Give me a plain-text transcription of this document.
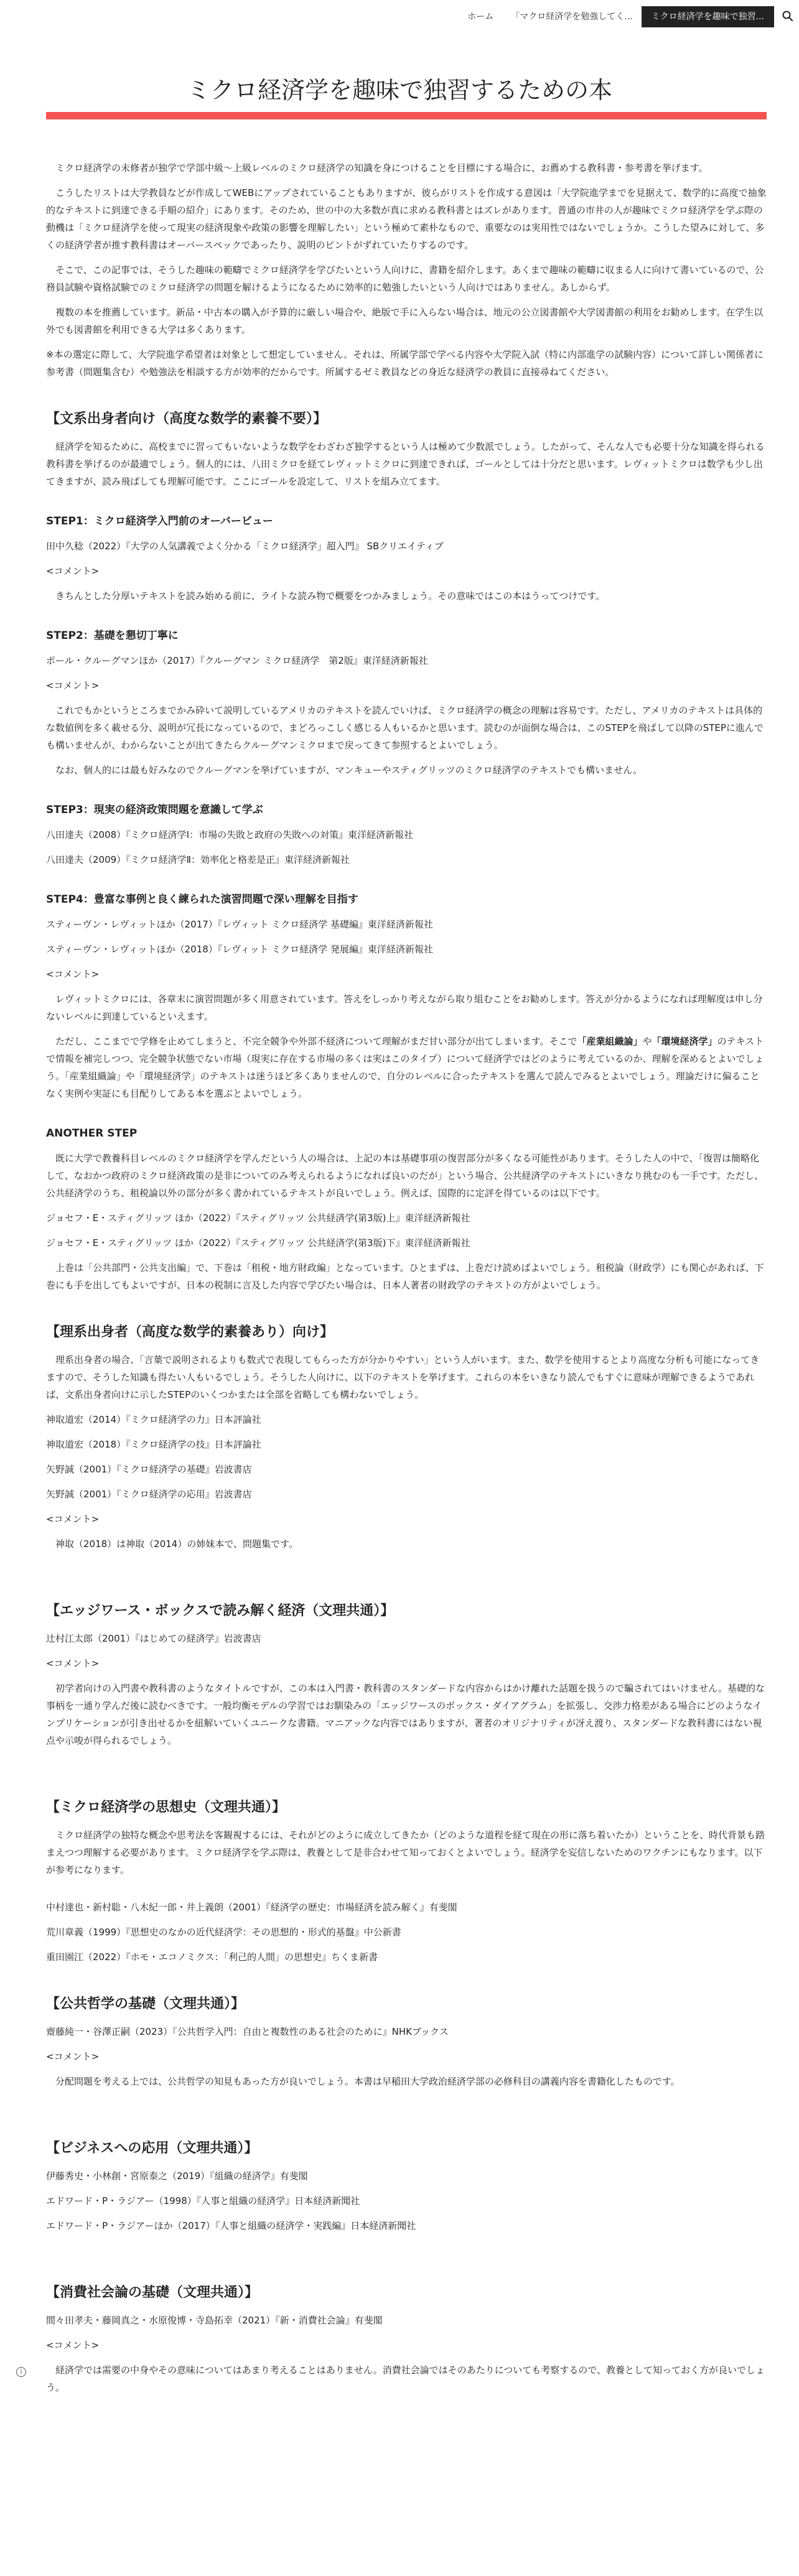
ホーム	「マクロ経済学を勉強してく...	ミクロ経済学を趣味で独習...
ミクロ経済学を趣味で独習するための本

ミクロ経済学の未修者が独学で学部中級～上級レベルのミクロ経済学の知識を身につけることを目標にする場合に、お薦めする教科書・参考書を挙げます。

こうしたリストは大学教員などが作成してWEBにアップされていることもありますが、彼らがリストを作成する意図は「大学院進学までを見据えて、数学的に高度で抽象的なテキストに到達できる手順の紹介」にあります。そのため、世の中の大多数が真に求める教科書とはズレがあります。普通の市井の人が趣味でミクロ経済学を学ぶ際の動機は「ミクロ経済学を使って現実の経済現象や政策の影響を理解したい」という極めて素朴なもので、重要なのは実用性ではないでしょうか。こうした望みに対して、多くの経済学者が推す教科書はオーバースペックであったり、説明のピントがずれていたりするのです。

そこで、この記事では、そうした趣味の範疇でミクロ経済学を学びたいという人向けに、書籍を紹介します。あくまで趣味の範疇に収まる人に向けて書いているので、公務員試験や資格試験でのミクロ経済学の問題を解けるようになるために効率的に勉強したいという人向けではありません。あしからず。

複数の本を推薦しています。新品・中古本の購入が予算的に厳しい場合や、絶版で手に入らない場合は、地元の公立図書館や大学図書館の利用をお勧めします。在学生以外でも図書館を利用できる大学は多くあります。

※本の選定に際して、大学院進学希望者は対象として想定していません。それは、所属学部で学べる内容や大学院入試（特に内部進学の試験内容）について詳しい関係者に参考書（問題集含む）や勉強法を相談する方が効率的だからです。所属するゼミ教員などの身近な経済学の教員に直接尋ねてください。

【文系出身者向け（高度な数学的素養不要）】

経済学を知るために、高校までに習ってもいないような数学をわざわざ独学するという人は極めて少数派でしょう。したがって、そんな人でも必要十分な知識を得られる教科書を挙げるのが最適でしょう。個人的には、八田ミクロを経てレヴィットミクロに到達できれば、ゴールとしては十分だと思います。レヴィットミクロは数学も少し出てきますが、読み飛ばしても理解可能です。ここにゴールを設定して、リストを組み立てます。

STEP1：ミクロ経済学入門前のオーバービュー

田中久稔（2022）『大学の人気講義でよく分かる「ミクロ経済学」超入門』 SBクリエイティブ

<コメント>

きちんとした分厚いテキストを読み始める前に、ライトな読み物で概要をつかみましょう。その意味ではこの本はうってつけです。

STEP2：基礎を懇切丁寧に

ポール・クルーグマンほか（2017）『クルーグマン ミクロ経済学　第2版』東洋経済新報社

<コメント>

これでもかというところまでかみ砕いて説明しているアメリカのテキストを読んでいけば、ミクロ経済学の概念の理解は容易です。ただし、アメリカのテキストは具体的な数値例を多く載せる分、説明が冗長になっているので、まどろっこしく感じる人もいるかと思います。読むのが面倒な場合は、このSTEPを飛ばして以降のSTEPに進んでも構いませんが、わからないことが出てきたらクルーグマンミクロまで戻ってきて参照するとよいでしょう。

なお、個人的には最も好みなのでクルーグマンを挙げていますが、マンキューやスティグリッツのミクロ経済学のテキストでも構いません。

STEP3：現実の経済政策問題を意識して学ぶ

八田達夫（2008）『ミクロ経済学Ⅰ：市場の失敗と政府の失敗への対策』東洋経済新報社

八田達夫（2009）『ミクロ経済学Ⅱ：効率化と格差是正』東洋経済新報社

STEP4：豊富な事例と良く練られた演習問題で深い理解を目指す

スティーヴン・レヴィットほか（2017）『レヴィット ミクロ経済学 基礎編』東洋経済新報社

スティーヴン・レヴィットほか（2018）『レヴィット ミクロ経済学 発展編』東洋経済新報社

<コメント>

レヴィットミクロには、各章末に演習問題が多く用意されています。答えをしっかり考えながら取り組むことをお勧めします。答えが分かるようになれば理解度は申し分ないレベルに到達しているといえます。

ただし、ここまでで学修を止めてしまうと、不完全競争や外部不経済について理解がまだ甘い部分が出てしまいます。そこで「産業組織論」や「環境経済学」のテキストで情報を補完しつつ、完全競争状態でない市場（現実に存在する市場の多くは実はこのタイプ）について経済学ではどのように考えているのか、理解を深めるとよいでしょう。「産業組織論」や「環境経済学」のテキストは迷うほど多くありませんので、自分のレベルに合ったテキストを選んで読んでみるとよいでしょう。理論だけに偏ることなく実例や実証にも目配りしてある本を選ぶとよいでしょう。

ANOTHER STEP

既に大学で教養科目レベルのミクロ経済学を学んだという人の場合は、上記の本は基礎事項の復習部分が多くなる可能性があります。そうした人の中で、「復習は簡略化して、なおかつ政府のミクロ経済政策の是非についてのみ考えられるようになれば良いのだが」という場合、公共経済学のテキストにいきなり挑むのも一手です。ただし、公共経済学のうち、租税論以外の部分が多く書かれているテキストが良いでしょう。例えば、国際的に定評を得ているのは以下です。

ジョセフ・E・スティグリッツ ほか（2022）『スティグリッツ 公共経済学(第3版)上』東洋経済新報社

ジョセフ・E・スティグリッツ ほか（2022）『スティグリッツ 公共経済学(第3版)下』東洋経済新報社

上巻は「公共部門・公共支出編」で、下巻は「租税・地方財政編」となっています。ひとまずは、上巻だけ読めばよいでしょう。租税論（財政学）にも関心があれば、下巻にも手を出してもよいですが、日本の税制に言及した内容で学びたい場合は、日本人著者の財政学のテキストの方がよいでしょう。

【理系出身者（高度な数学的素養あり）向け】

理系出身者の場合、「言葉で説明されるよりも数式で表現してもらった方が分かりやすい」という人がいます。また、数学を使用するとより高度な分析も可能になってきますので、そうした知識も得たい人もいるでしょう。そうした人向けに、以下のテキストを挙げます。これらの本をいきなり読んでもすぐに意味が理解できるようであれば、文系出身者向けに示したSTEPのいくつかまたは全部を省略しても構わないでしょう。

神取道宏（2014）『ミクロ経済学の力』日本評論社

神取道宏（2018）『ミクロ経済学の技』日本評論社

矢野誠（2001）『ミクロ経済学の基礎』岩波書店

矢野誠（2001）『ミクロ経済学の応用』岩波書店

<コメント>

神取（2018）は神取（2014）の姉妹本で、問題集です。

【エッジワース・ボックスで読み解く経済（文理共通）】

辻村江太郎（2001）『はじめての経済学』岩波書店

<コメント>

初学者向けの入門書や教科書のようなタイトルですが、この本は入門書・教科書のスタンダードな内容からはかけ離れた話題を扱うので騙されてはいけません。基礎的な事柄を一通り学んだ後に読むべきです。一般均衡モデルの学習ではお馴染みの「エッジワースのボックス・ダイアグラム」を拡張し、交渉力格差がある場合にどのようなインプリケーションが引き出せるかを紐解いていくユニークな書籍。マニアックな内容ではありますが、著者のオリジナリティが冴え渡り、スタンダードな教科書にはない視点や示唆が得られるでしょう。

【ミクロ経済学の思想史（文理共通）】

ミクロ経済学の独特な概念や思考法を客観視するには、それがどのように成立してきたか（どのような道程を経て現在の形に落ち着いたか）ということを、時代背景も踏まえつつ理解する必要があります。ミクロ経済学を学ぶ際は、教養として是非合わせて知っておくとよいでしょう。経済学を妄信しないためのワクチンにもなります。以下が参考になります。

中村達也・新村聡・八木紀一郎・井上義朗（2001）『経済学の歴史：市場経済を読み解く』有斐閣

荒川章義（1999）『思想史のなかの近代経済学：その思想的・形式的基盤』中公新書

重田園江（2022）『ホモ・エコノミクス：「利己的人間」の思想史』ちくま新書

【公共哲学の基礎（文理共通）】

齋藤純一・谷澤正嗣（2023）『公共哲学入門：自由と複数性のある社会のために』NHKブックス

<コメント>

分配問題を考える上では、公共哲学の知見もあった方が良いでしょう。本書は早稲田大学政治経済学部の必修科目の講義内容を書籍化したものです。

【ビジネスへの応用（文理共通）】

伊藤秀史・小林創・宮原泰之（2019）『組織の経済学』有斐閣

エドワード・P・ラジアー（1998）『人事と組織の経済学』日本経済新聞社

エドワード・P・ラジアーほか（2017）『人事と組織の経済学・実践編』日本経済新聞社

【消費社会論の基礎（文理共通）】

間々田孝夫・藤岡真之・水原俊博・寺島拓幸（2021）『新・消費社会論』有斐閣

<コメント>

経済学では需要の中身やその意味についてはあまり考えることはありません。消費社会論ではそのあたりについても考察するので、教養として知っておく方が良いでしょう。

i
